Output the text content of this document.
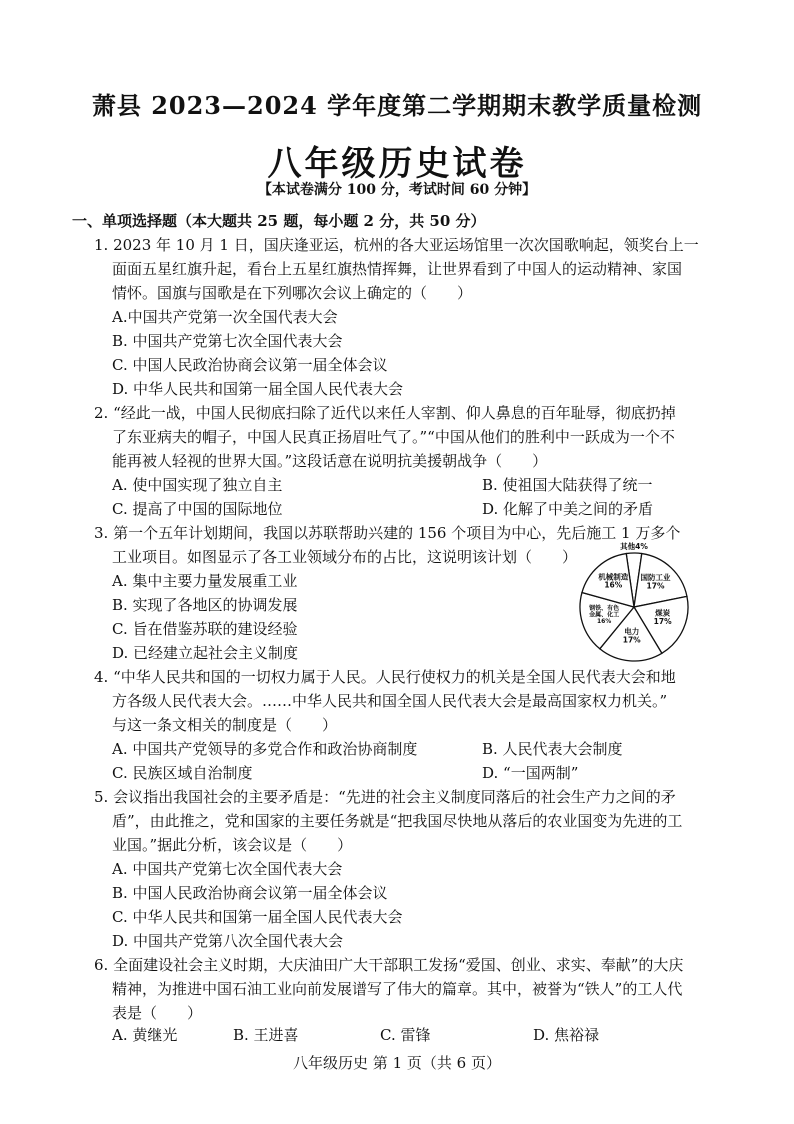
萧县 2023—2024 学年度第二学期期末教学质量检测
八年级历史试卷
【本试卷满分 100 分，考试时间 60 分钟】
一、单项选择题（本大题共 25 题，每小题 2 分，共 50 分）
1. 2023 年 10 月 1 日，国庆逢亚运，杭州的各大亚运场馆里一次次国歌响起，领奖台上一
面面五星红旗升起，看台上五星红旗热情挥舞，让世界看到了中国人的运动精神、家国
情怀。国旗与国歌是在下列哪次会议上确定的（　　）
A.中国共产党第一次全国代表大会
B. 中国共产党第七次全国代表大会
C. 中国人民政治协商会议第一届全体会议
D. 中华人民共和国第一届全国人民代表大会
2. “经此一战，中国人民彻底扫除了近代以来任人宰割、仰人鼻息的百年耻辱，彻底扔掉
了东亚病夫的帽子，中国人民真正扬眉吐气了。”“中国从他们的胜利中一跃成为一个不
能再被人轻视的世界大国。”这段话意在说明抗美援朝战争（　　）
A. 使中国实现了独立自主	B. 使祖国大陆获得了统一
C. 提高了中国的国际地位	D. 化解了中美之间的矛盾
3. 第一个五年计划期间，我国以苏联帮助兴建的 156 个项目为中心，先后施工 1 万多个
工业项目。如图显示了各工业领域分布的占比，这说明该计划（　　）
A. 集中主要力量发展重工业
B. 实现了各地区的协调发展
C. 旨在借鉴苏联的建设经验
D. 已经建立起社会主义制度
其他4%
国防工业 17%
煤炭 17%
电力 17%
钢铁、有色金属、化工 16%
机械制造 16%
4. “中华人民共和国的一切权力属于人民。人民行使权力的机关是全国人民代表大会和地
方各级人民代表大会。……中华人民共和国全国人民代表大会是最高国家权力机关。”
与这一条文相关的制度是（　　）
A. 中国共产党领导的多党合作和政治协商制度	B. 人民代表大会制度
C. 民族区域自治制度	D. “一国两制”
5. 会议指出我国社会的主要矛盾是：“先进的社会主义制度同落后的社会生产力之间的矛
盾”，由此推之，党和国家的主要任务就是“把我国尽快地从落后的农业国变为先进的工
业国。”据此分析，该会议是（　　）
A. 中国共产党第七次全国代表大会
B. 中国人民政治协商会议第一届全体会议
C. 中华人民共和国第一届全国人民代表大会
D. 中国共产党第八次全国代表大会
6. 全面建设社会主义时期，大庆油田广大干部职工发扬“爱国、创业、求实、奉献”的大庆
精神，为推进中国石油工业向前发展谱写了伟大的篇章。其中，被誉为“铁人”的工人代
表是（　　）
A. 黄继光	B. 王进喜	C. 雷锋	D. 焦裕禄
八年级历史 第 1 页（共 6 页）
